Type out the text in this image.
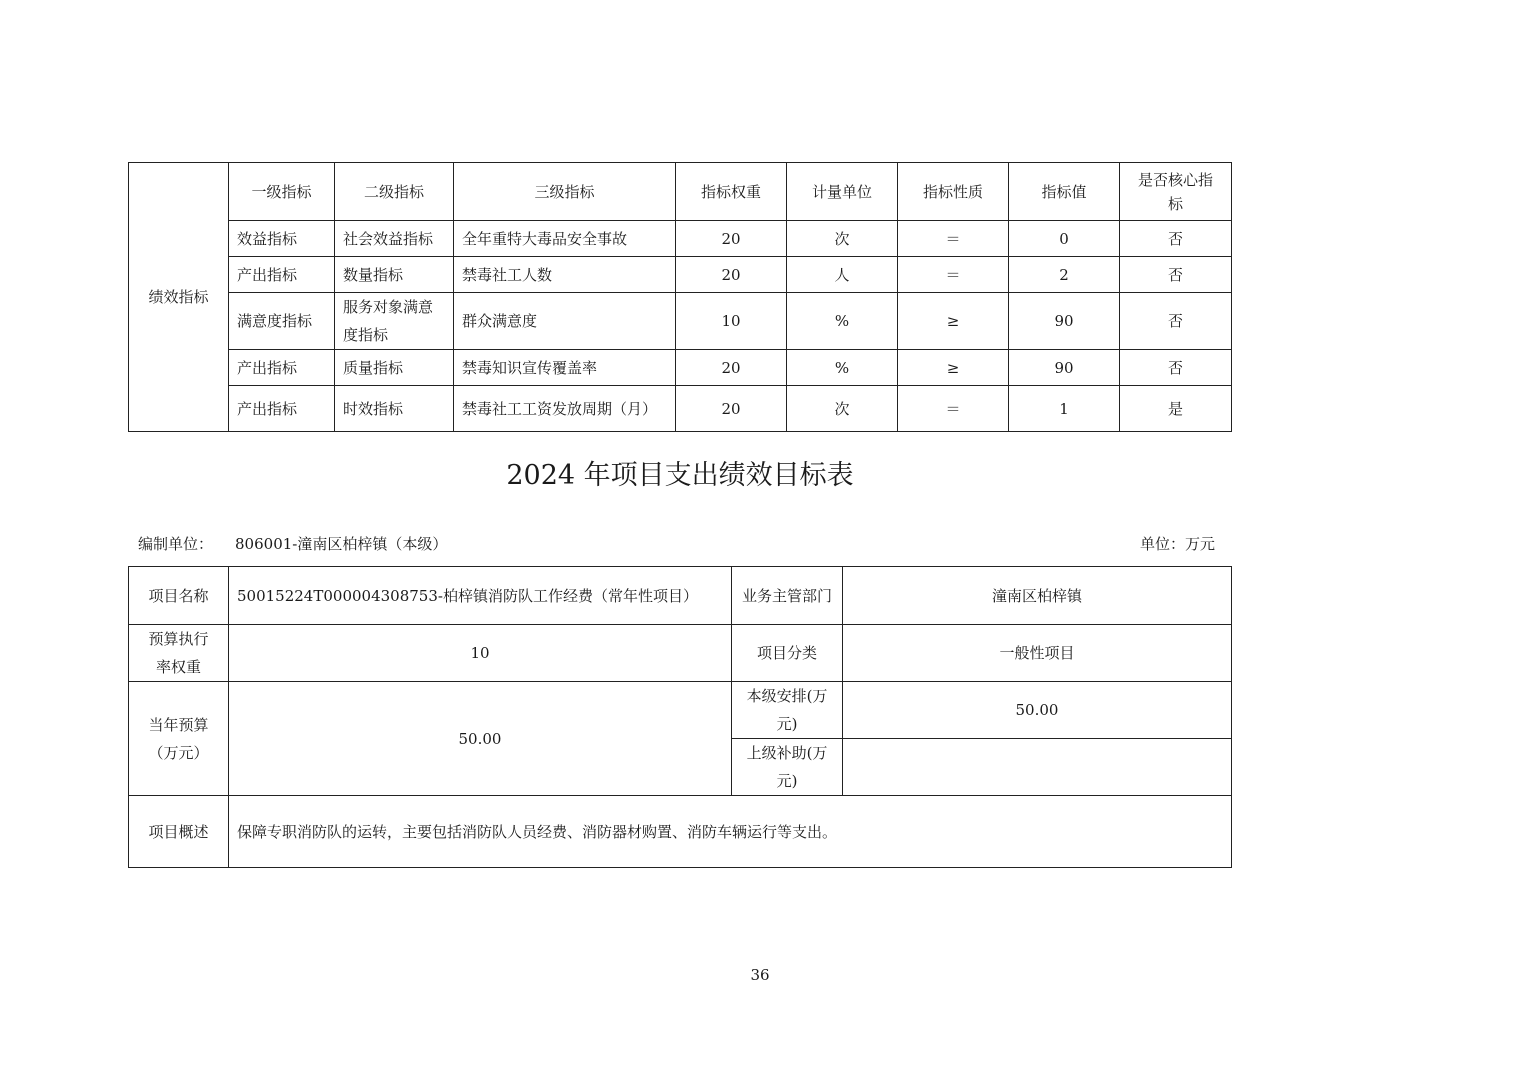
绩效指标	一级指标	二级指标	三级指标	指标权重	计量单位	指标性质	指标值	是否核心指标
	效益指标	社会效益指标	全年重特大毒品安全事故	20	次	＝	0	否
	产出指标	数量指标	禁毒社工人数	20	人	＝	2	否
	满意度指标	服务对象满意度指标	群众满意度	10	%	≥	90	否
	产出指标	质量指标	禁毒知识宣传覆盖率	20	%	≥	90	否
	产出指标	时效指标	禁毒社工工资发放周期（月）	20	次	＝	1	是
2024 年项目支出绩效目标表
编制单位： 806001-潼南区柏梓镇（本级）	单位：万元
项目名称	50015224T000004308753-柏梓镇消防队工作经费（常年性项目）	业务主管部门	潼南区柏梓镇
预算执行率权重	10	项目分类	一般性项目
当年预算（万元）	50.00	本级安排(万元)	50.00
		上级补助(万元)	
项目概述	保障专职消防队的运转，主要包括消防队人员经费、消防器材购置、消防车辆运行等支出。		
36
